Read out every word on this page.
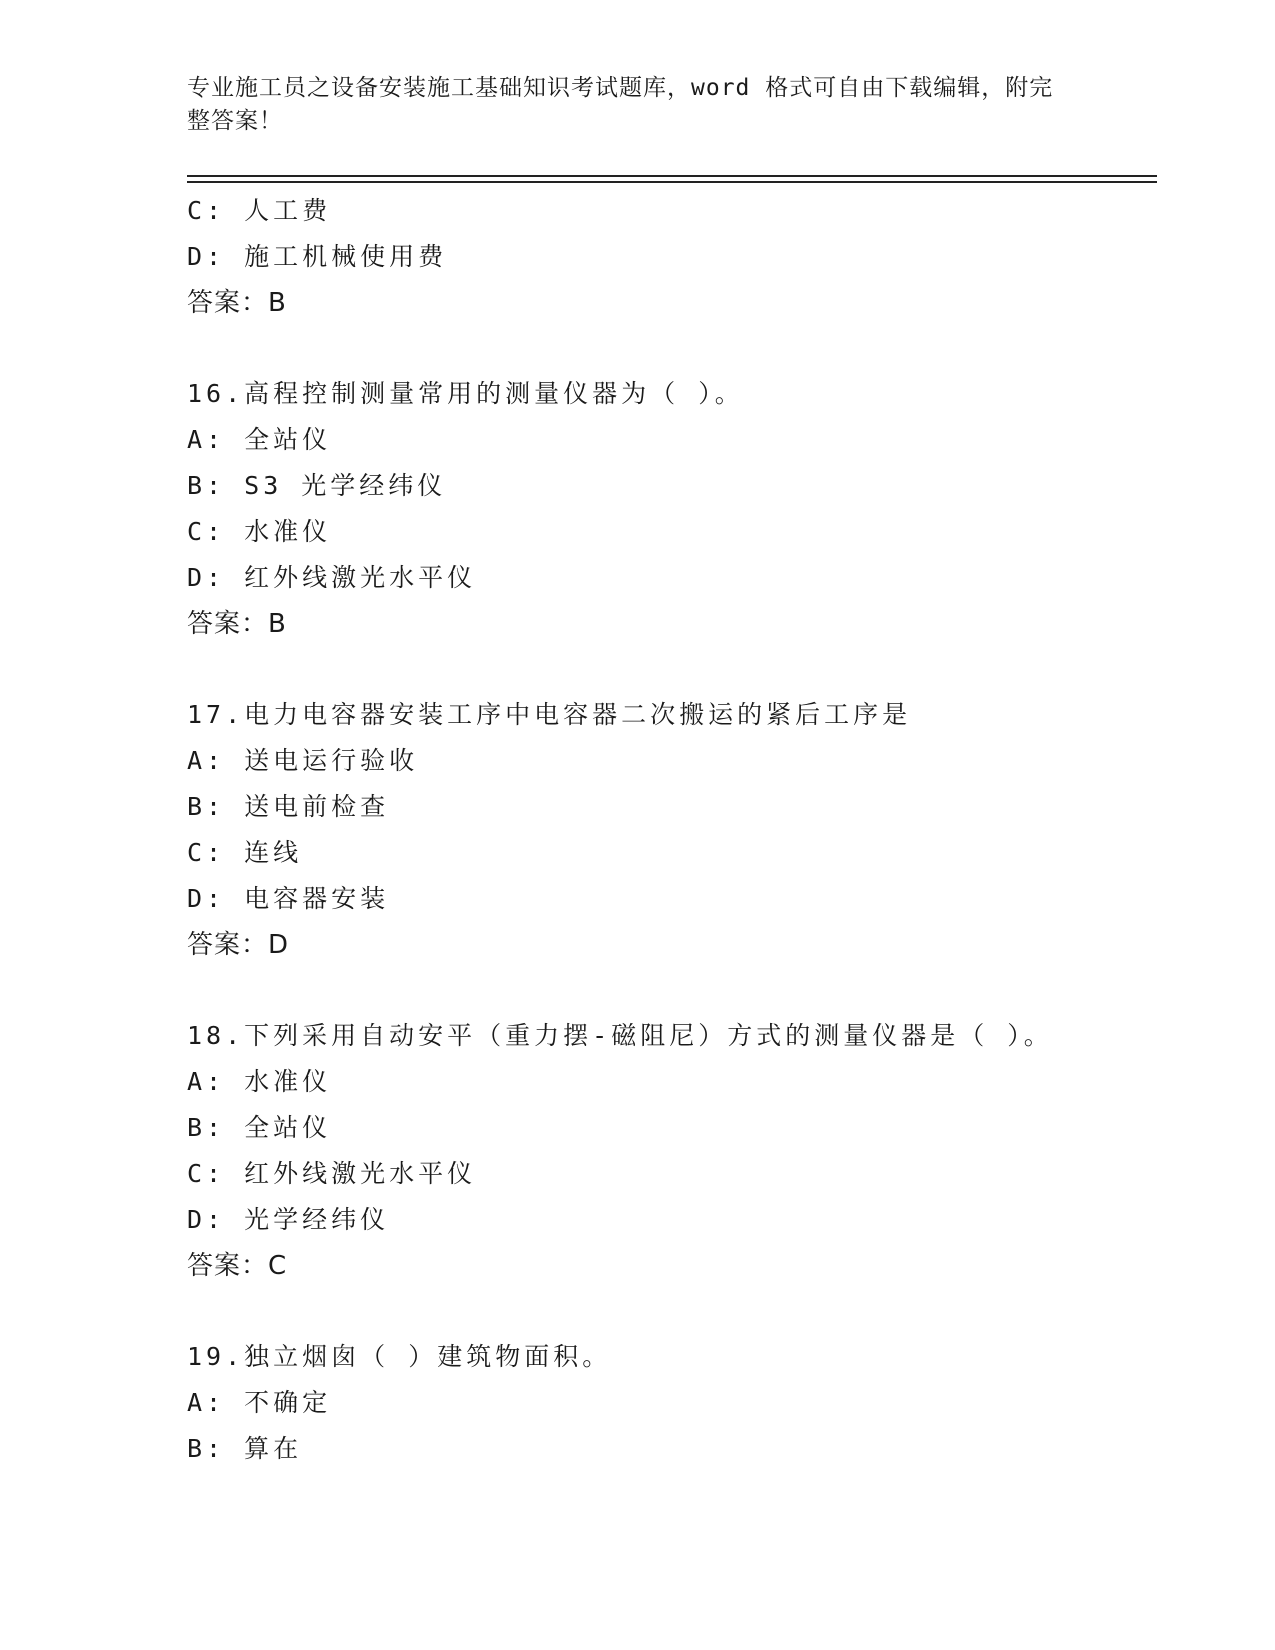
专业施工员之设备安装施工基础知识考试题库，word 格式可自由下载编辑，附完
整答案！
C: 人工费
D: 施工机械使用费
答案：B
16.高程控制测量常用的测量仪器为（ ）。
A: 全站仪
B: S3 光学经纬仪
C: 水准仪
D: 红外线激光水平仪
答案：B
17.电力电容器安装工序中电容器二次搬运的紧后工序是
A: 送电运行验收
B: 送电前检查
C: 连线
D: 电容器安装
答案：D
18.下列采用自动安平（重力摆-磁阻尼）方式的测量仪器是（ ）。
A: 水准仪
B: 全站仪
C: 红外线激光水平仪
D: 光学经纬仪
答案：C
19.独立烟囱（ ）建筑物面积。
A: 不确定
B: 算在
